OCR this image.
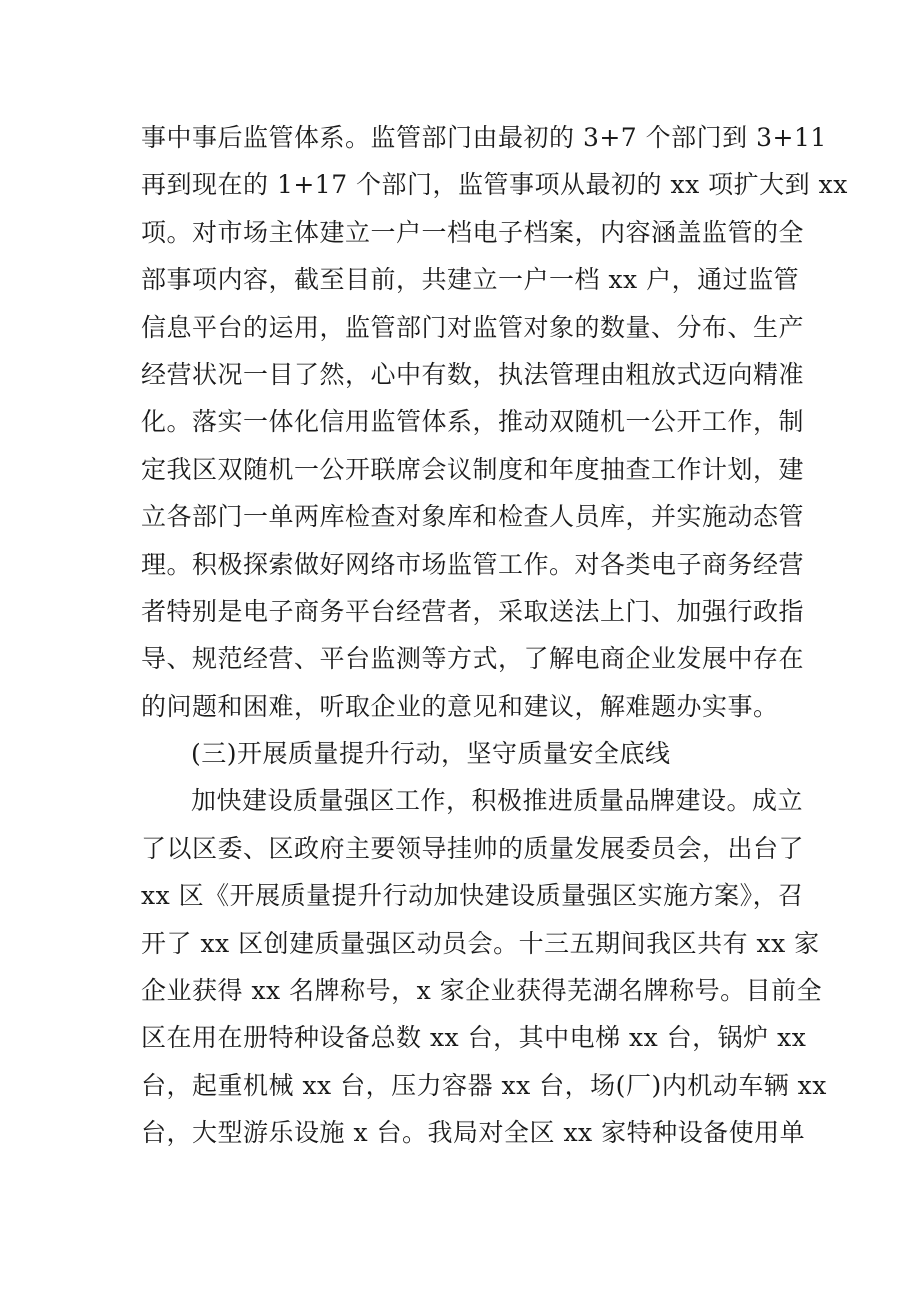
事中事后监管体系。监管部门由最初的 3+7 个部门到 3+11
再到现在的 1+17 个部门，监管事项从最初的 xx 项扩大到 xx
项。对市场主体建立一户一档电子档案，内容涵盖监管的全
部事项内容，截至目前，共建立一户一档 xx 户，通过监管
信息平台的运用，监管部门对监管对象的数量、分布、生产
经营状况一目了然，心中有数，执法管理由粗放式迈向精准
化。落实一体化信用监管体系，推动双随机一公开工作，制
定我区双随机一公开联席会议制度和年度抽查工作计划，建
立各部门一单两库检查对象库和检查人员库，并实施动态管
理。积极探索做好网络市场监管工作。对各类电子商务经营
者特别是电子商务平台经营者，采取送法上门、加强行政指
导、规范经营、平台监测等方式，了解电商企业发展中存在
的问题和困难，听取企业的意见和建议，解难题办实事。
(三)开展质量提升行动，坚守质量安全底线
加快建设质量强区工作，积极推进质量品牌建设。成立
了以区委、区政府主要领导挂帅的质量发展委员会，出台了
xx 区《开展质量提升行动加快建设质量强区实施方案》，召
开了 xx 区创建质量强区动员会。十三五期间我区共有 xx 家
企业获得 xx 名牌称号，x 家企业获得芜湖名牌称号。目前全
区在用在册特种设备总数 xx 台，其中电梯 xx 台，锅炉 xx
台，起重机械 xx 台，压力容器 xx 台，场(厂)内机动车辆 xx
台，大型游乐设施 x 台。我局对全区 xx 家特种设备使用单
